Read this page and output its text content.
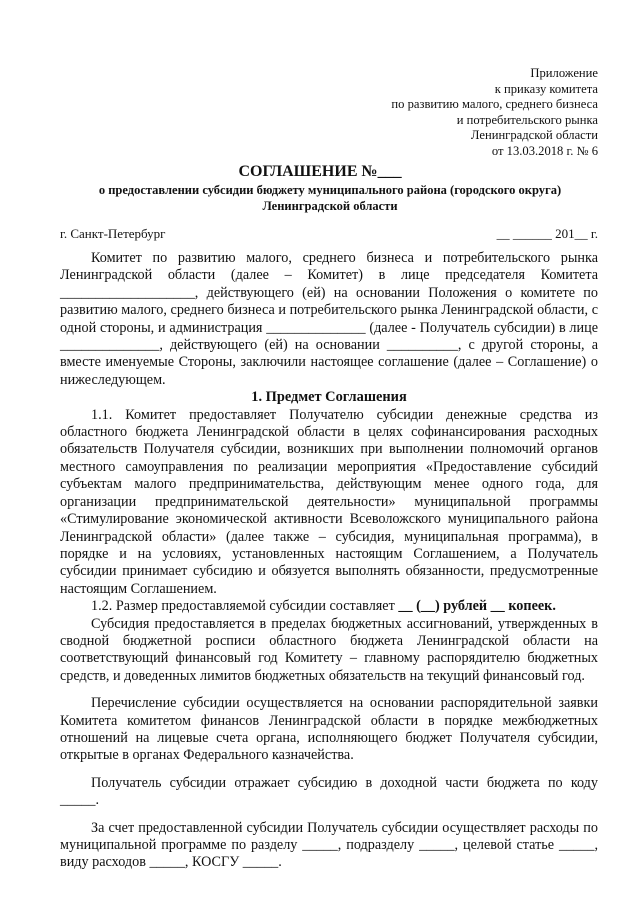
Приложение
к приказу комитета
по развитию малого, среднего бизнеса
и потребительского рынка
Ленинградской области
от 13.03.2018 г. № 6
СОГЛАШЕНИЕ №___
о предоставлении субсидии бюджету муниципального района (городского округа)
Ленинградской области
г. Санкт-Петербург	__ ______ 201__ г.

Комитет по развитию малого, среднего бизнеса и потребительского рынка Ленинградской области (далее – Комитет) в лице председателя Комитета ___________________, действующего (ей) на основании Положения о комитете по развитию малого, среднего бизнеса и потребительского рынка Ленинградской области, с одной стороны, и администрация ______________ (далее - Получатель субсидии) в лице ______________, действующего (ей) на основании __________, с другой стороны, а вместе именуемые Стороны, заключили настоящее соглашение (далее – Соглашение) о нижеследующем.

1. Предмет Соглашения

1.1. Комитет предоставляет Получателю субсидии денежные средства из областного бюджета Ленинградской области в целях софинансирования расходных обязательств Получателя субсидии, возникших при выполнении полномочий органов местного самоуправления по реализации мероприятия «Предоставление субсидий субъектам малого предпринимательства, действующим менее одного года, для организации предпринимательской деятельности» муниципальной программы «Стимулирование экономической активности Всеволожского муниципального района Ленинградской области» (далее также – субсидия, муниципальная программа), в порядке и на условиях, установленных настоящим Соглашением, а Получатель субсидии принимает субсидию и обязуется выполнять обязанности, предусмотренные настоящим Соглашением.

1.2. Размер предоставляемой субсидии составляет __ (__) рублей __ копеек.

Субсидия предоставляется в пределах бюджетных ассигнований, утвержденных в сводной бюджетной росписи областного бюджета Ленинградской области на соответствующий финансовый год Комитету – главному распорядителю бюджетных средств, и доведенных лимитов бюджетных обязательств на текущий финансовый год.

Перечисление субсидии осуществляется на основании распорядительной заявки Комитета комитетом финансов Ленинградской области в порядке межбюджетных отношений на лицевые счета органа, исполняющего бюджет Получателя субсидии, открытые в органах Федерального казначейства.

Получатель субсидии отражает субсидию в доходной части бюджета по коду _____.

За счет предоставленной субсидии Получатель субсидии осуществляет расходы по муниципальной программе по разделу _____, подразделу _____, целевой статье _____, виду расходов _____, КОСГУ _____.
